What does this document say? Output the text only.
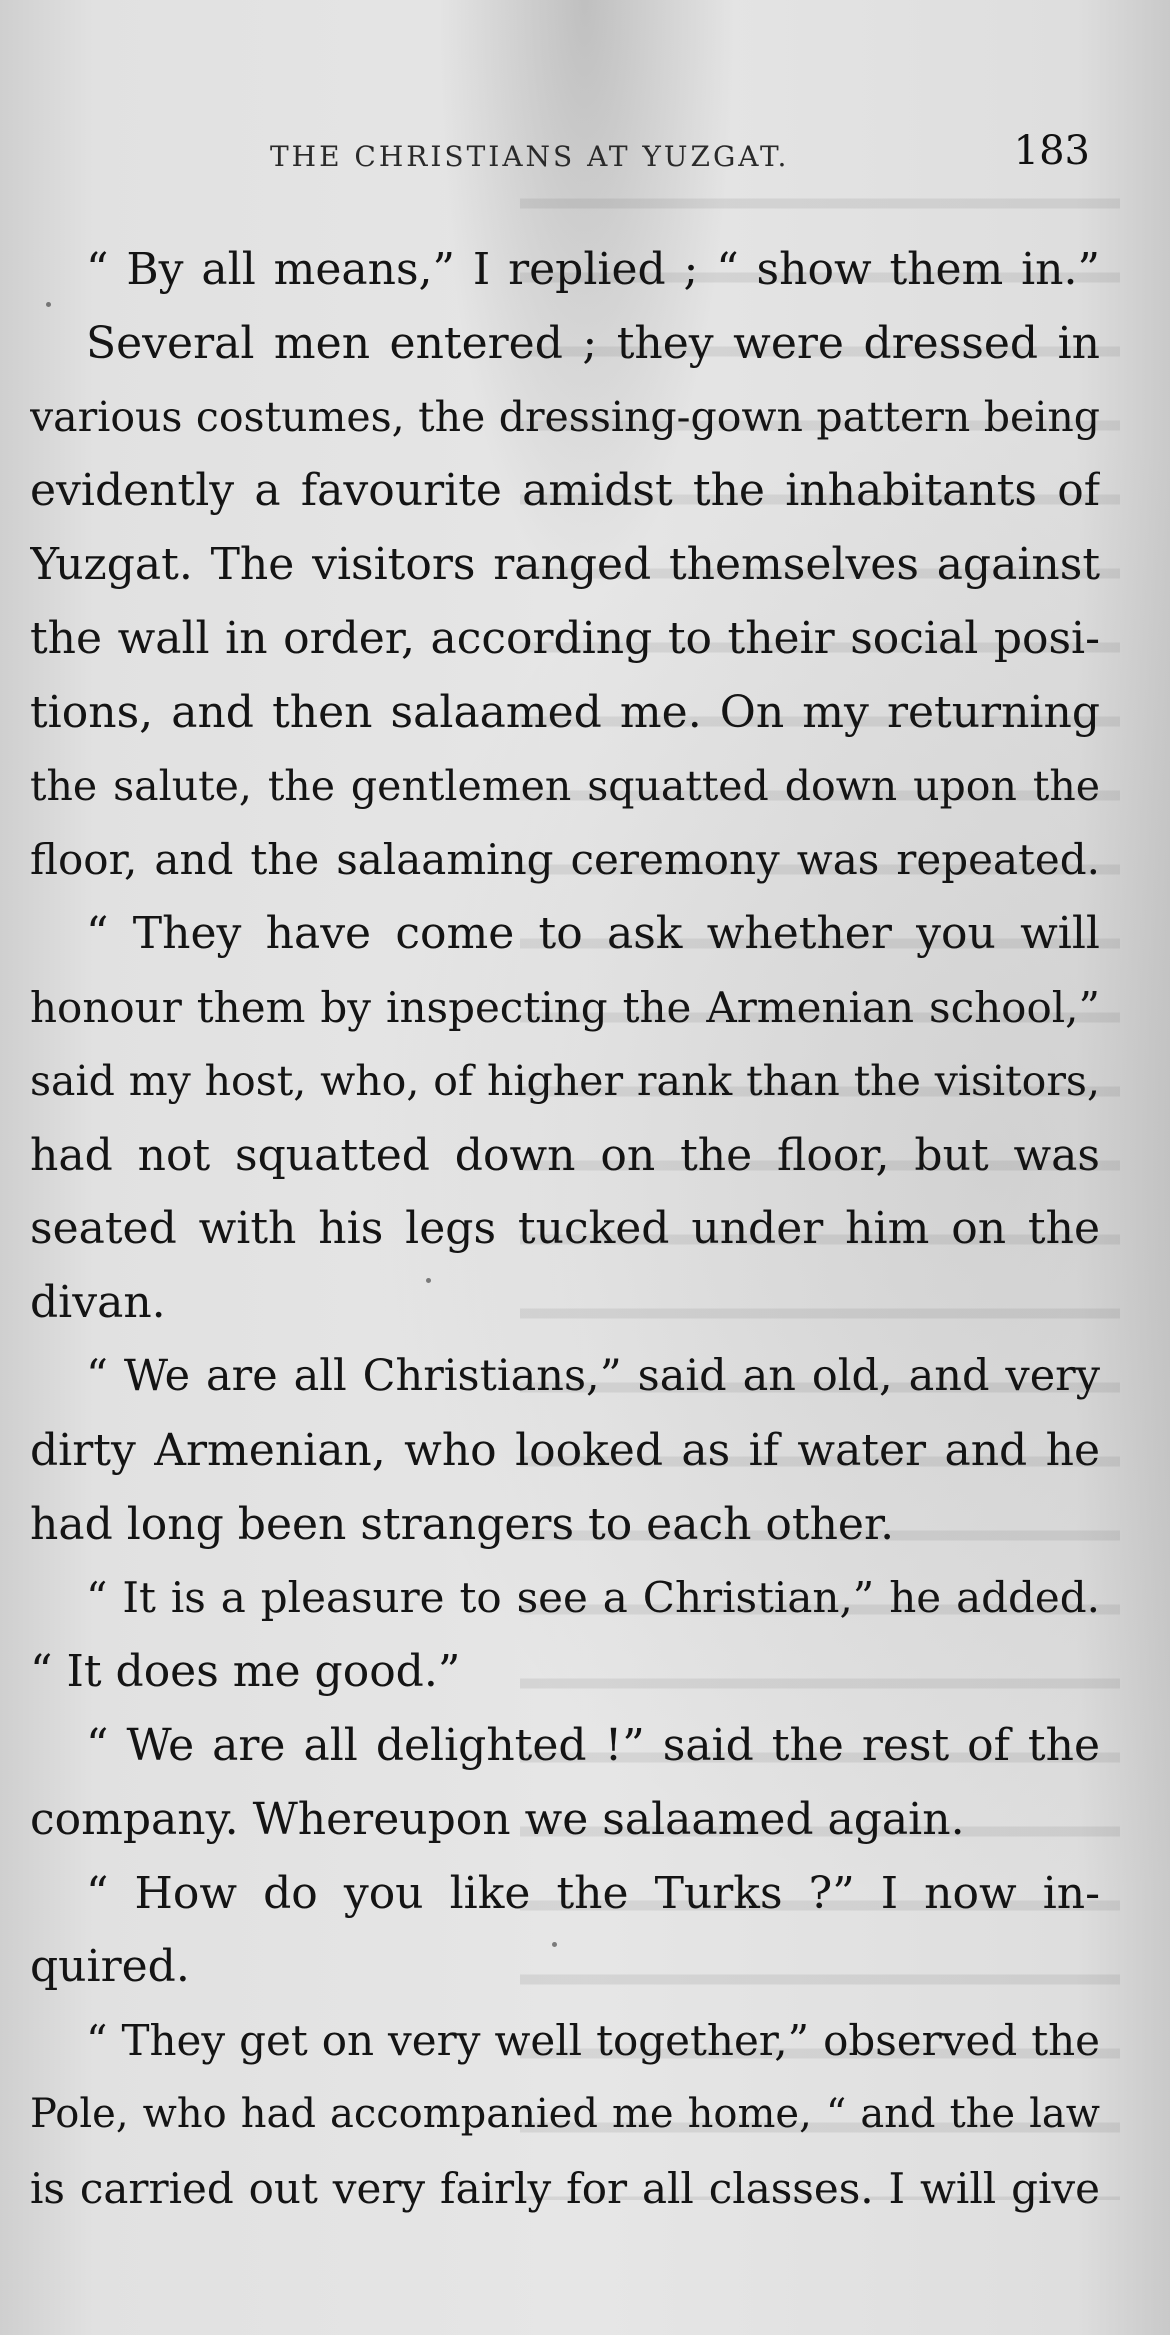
THE CHRISTIANS AT YUZGAT.	183
“ By all means,” I replied ; “ show them in.”
Several men entered ; they were dressed in
various costumes, the dressing-gown pattern being
evidently a favourite amidst the inhabitants of
Yuzgat. The visitors ranged themselves against
the wall in order, according to their social posi-
tions, and then salaamed me. On my returning
the salute, the gentlemen squatted down upon the
floor, and the salaaming ceremony was repeated.
“ They have come to ask whether you will
honour them by inspecting the Armenian school,”
said my host, who, of higher rank than the visitors,
had not squatted down on the floor, but was
seated with his legs tucked under him on the
divan.
“ We are all Christians,” said an old, and very
dirty Armenian, who looked as if water and he
had long been strangers to each other.
“ It is a pleasure to see a Christian,” he added.
“ It does me good.”
“ We are all delighted !” said the rest of the
company. Whereupon we salaamed again.
“ How do you like the Turks ?” I now in-
quired.
“ They get on very well together,” observed the
Pole, who had accompanied me home, “ and the law
is carried out very fairly for all classes. I will give
